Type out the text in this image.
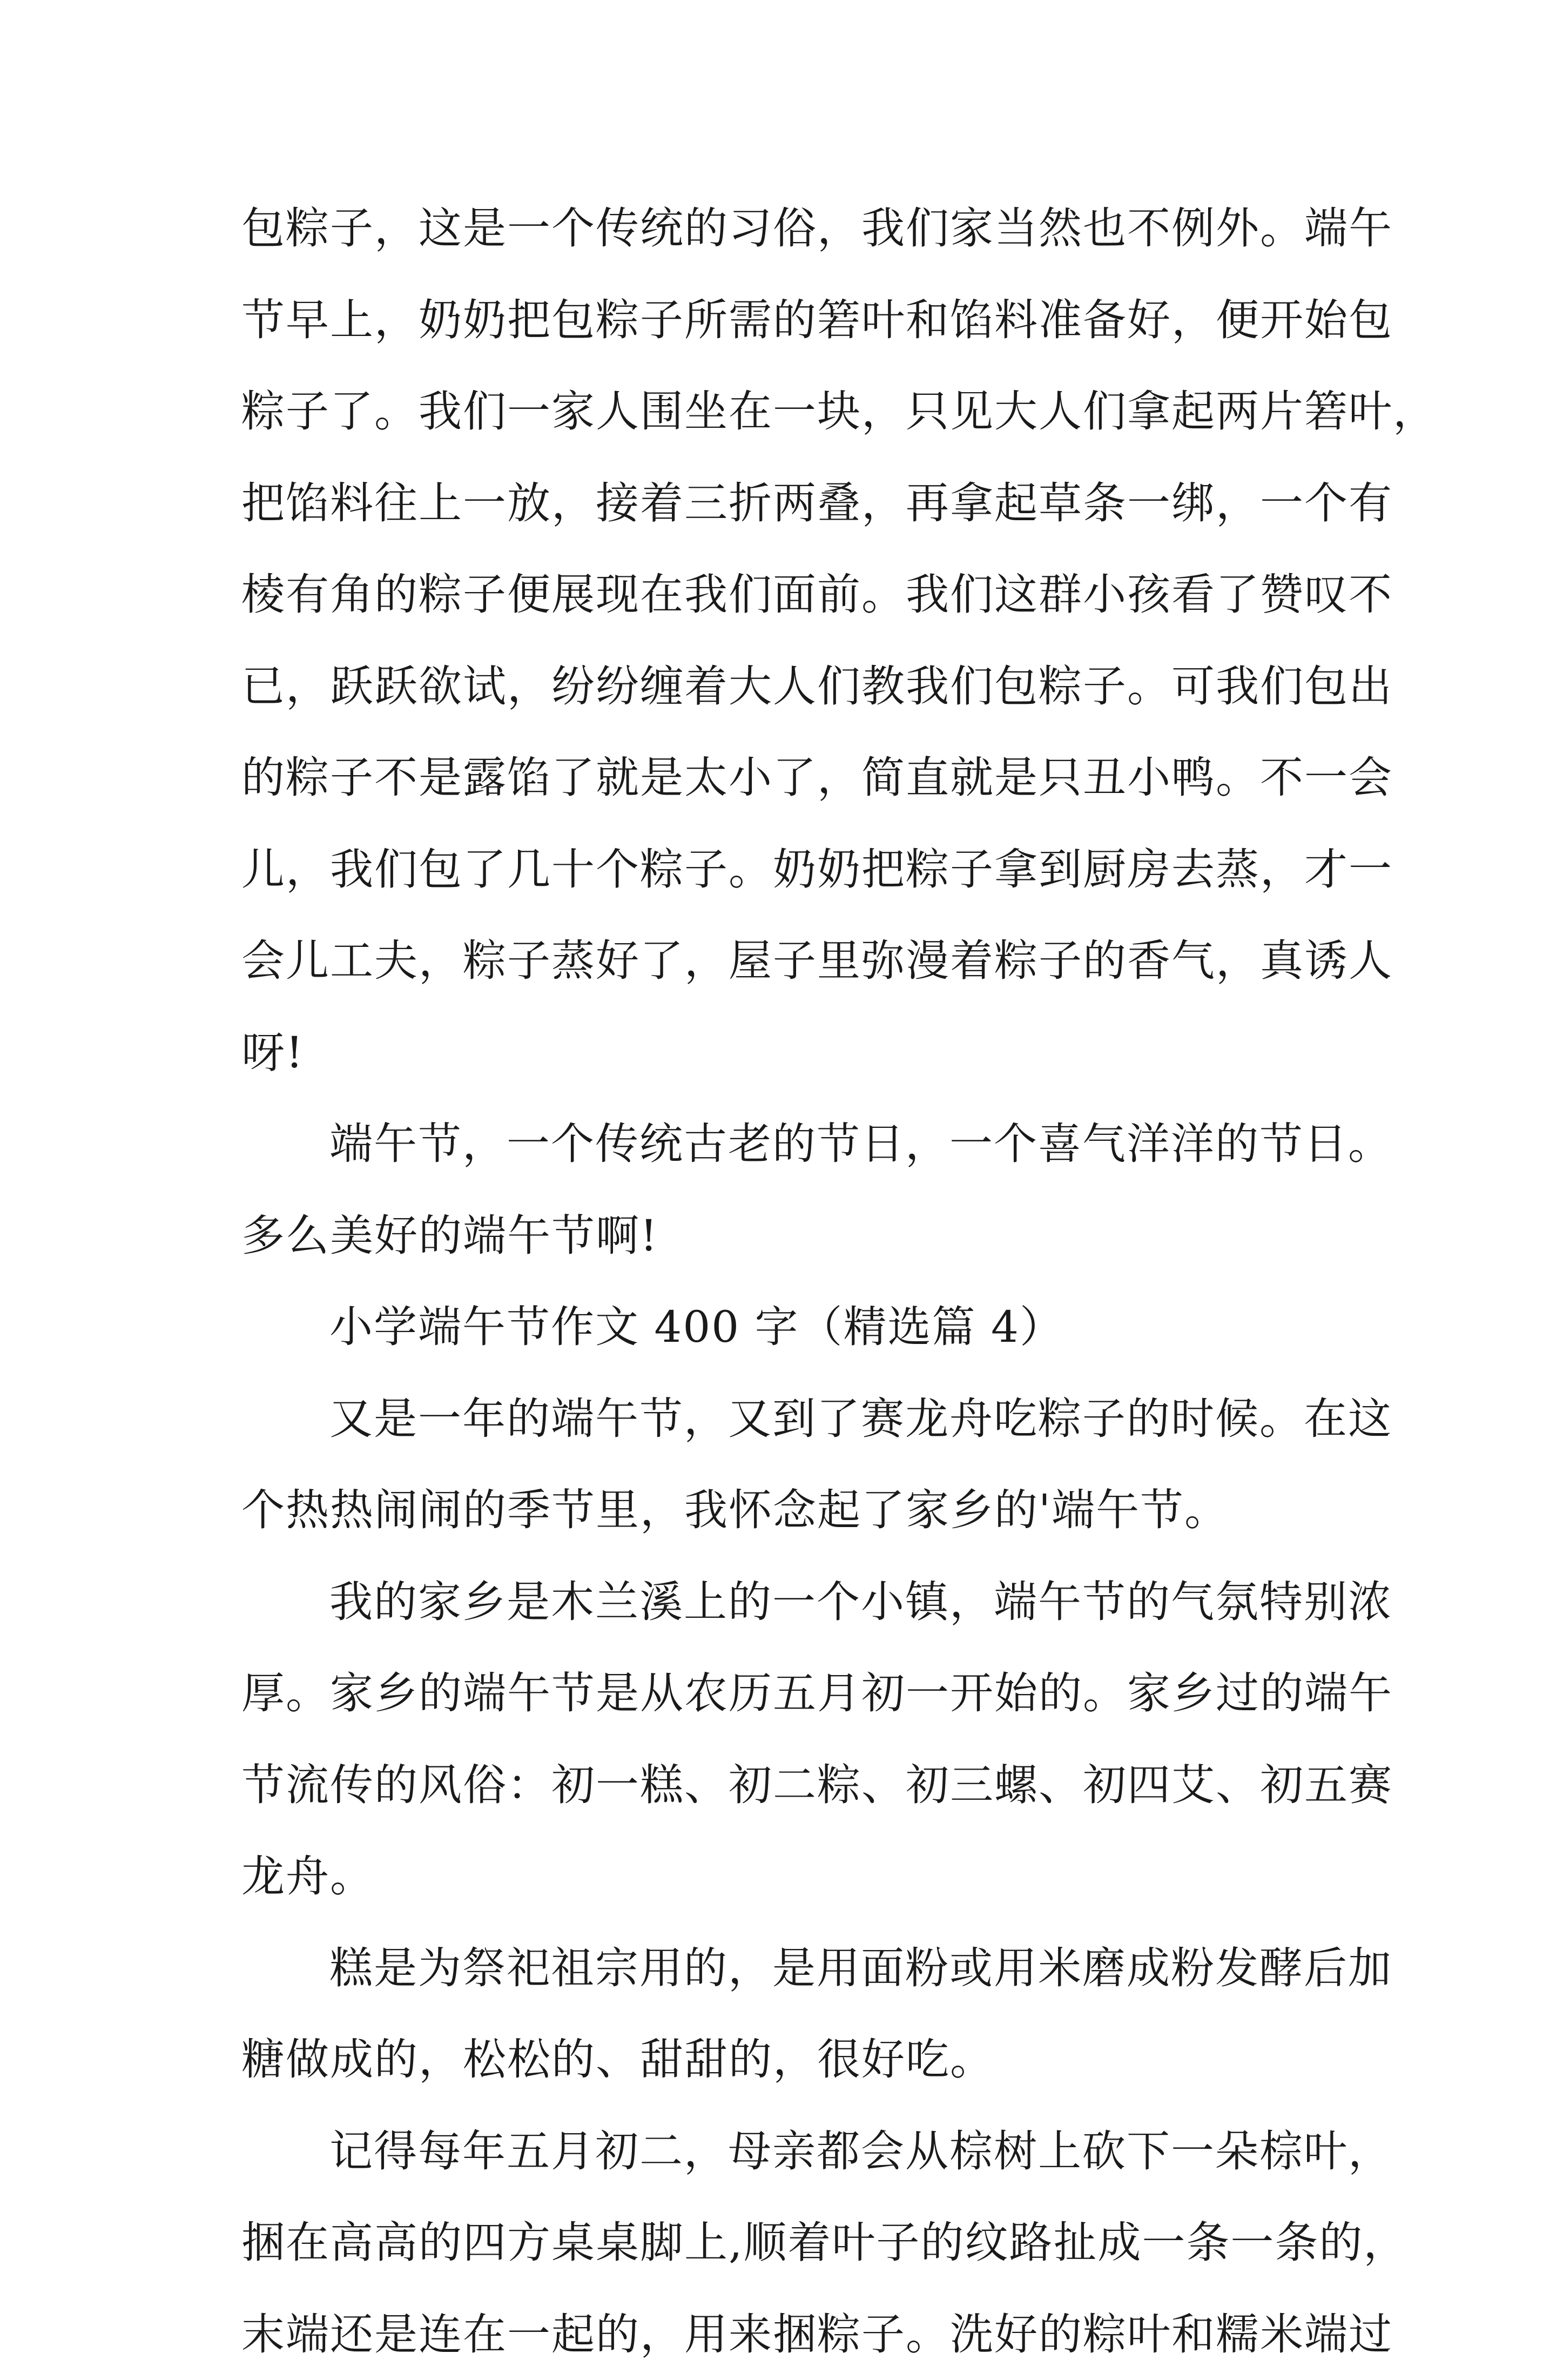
包粽子，这是一个传统的习俗，我们家当然也不例外。端午
节早上，奶奶把包粽子所需的箬叶和馅料准备好，便开始包
粽子了。我们一家人围坐在一块，只见大人们拿起两片箬叶，
把馅料往上一放，接着三折两叠，再拿起草条一绑，一个有
棱有角的粽子便展现在我们面前。我们这群小孩看了赞叹不
已，跃跃欲试，纷纷缠着大人们教我们包粽子。可我们包出
的粽子不是露馅了就是太小了，简直就是只丑小鸭。不一会
儿，我们包了几十个粽子。奶奶把粽子拿到厨房去蒸，才一
会儿工夫，粽子蒸好了，屋子里弥漫着粽子的香气，真诱人
呀!
端午节，一个传统古老的节日，一个喜气洋洋的节日。
多么美好的端午节啊!
小学端午节作文 400 字（精选篇 4）
又是一年的端午节，又到了赛龙舟吃粽子的时候。在这
个热热闹闹的季节里，我怀念起了家乡的'端午节。
我的家乡是木兰溪上的一个小镇，端午节的气氛特别浓
厚。家乡的端午节是从农历五月初一开始的。家乡过的端午
节流传的风俗：初一糕、初二粽、初三螺、初四艾、初五赛
龙舟。
糕是为祭祀祖宗用的，是用面粉或用米磨成粉发酵后加
糖做成的，松松的、甜甜的，很好吃。
记得每年五月初二，母亲都会从棕树上砍下一朵棕叶，
捆在高高的四方桌桌脚上,顺着叶子的纹路扯成一条一条的，
末端还是连在一起的，用来捆粽子。洗好的粽叶和糯米端过
